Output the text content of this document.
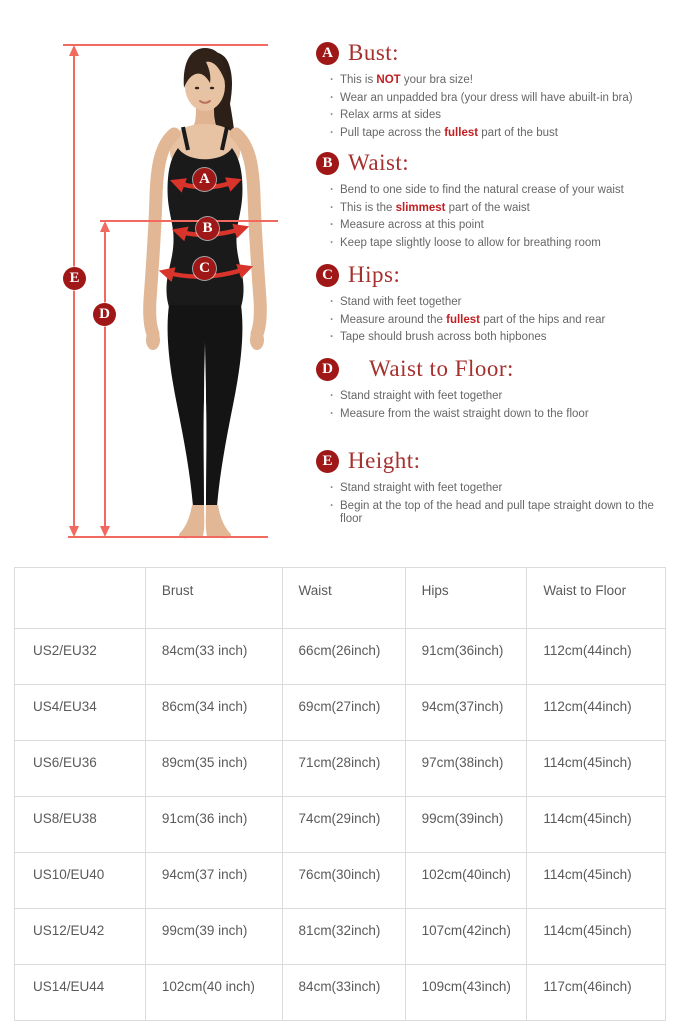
A
B
C
D
E
A Bust:
· This is NOT your bra size!
· Wear an unpadded bra (your dress will have abuilt-in bra)
· Relax arms at sides
· Pull tape across the fullest part of the bust
B Waist:
· Bend to one side to find the natural crease of your waist
· This is the slimmest part of the waist
· Measure across at this point
· Keep tape slightly loose to allow for breathing room
C Hips:
· Stand with feet together
· Measure around the fullest part of the hips and rear
· Tape should brush across both hipbones
D Waist to Floor:
· Stand straight with feet together
· Measure from the waist straight down to the floor
E Height:
· Stand straight with feet together
· Begin at the top of the head and pull tape straight down to the floor
	Brust	Waist	Hips	Waist to Floor
US2/EU32	84cm(33 inch)	66cm(26inch)	91cm(36inch)	112cm(44inch)
US4/EU34	86cm(34 inch)	69cm(27inch)	94cm(37inch)	112cm(44inch)
US6/EU36	89cm(35 inch)	71cm(28inch)	97cm(38inch)	114cm(45inch)
US8/EU38	91cm(36 inch)	74cm(29inch)	99cm(39inch)	114cm(45inch)
US10/EU40	94cm(37 inch)	76cm(30inch)	102cm(40inch)	114cm(45inch)
US12/EU42	99cm(39 inch)	81cm(32inch)	107cm(42inch)	114cm(45inch)
US14/EU44	102cm(40 inch)	84cm(33inch)	109cm(43inch)	117cm(46inch)
